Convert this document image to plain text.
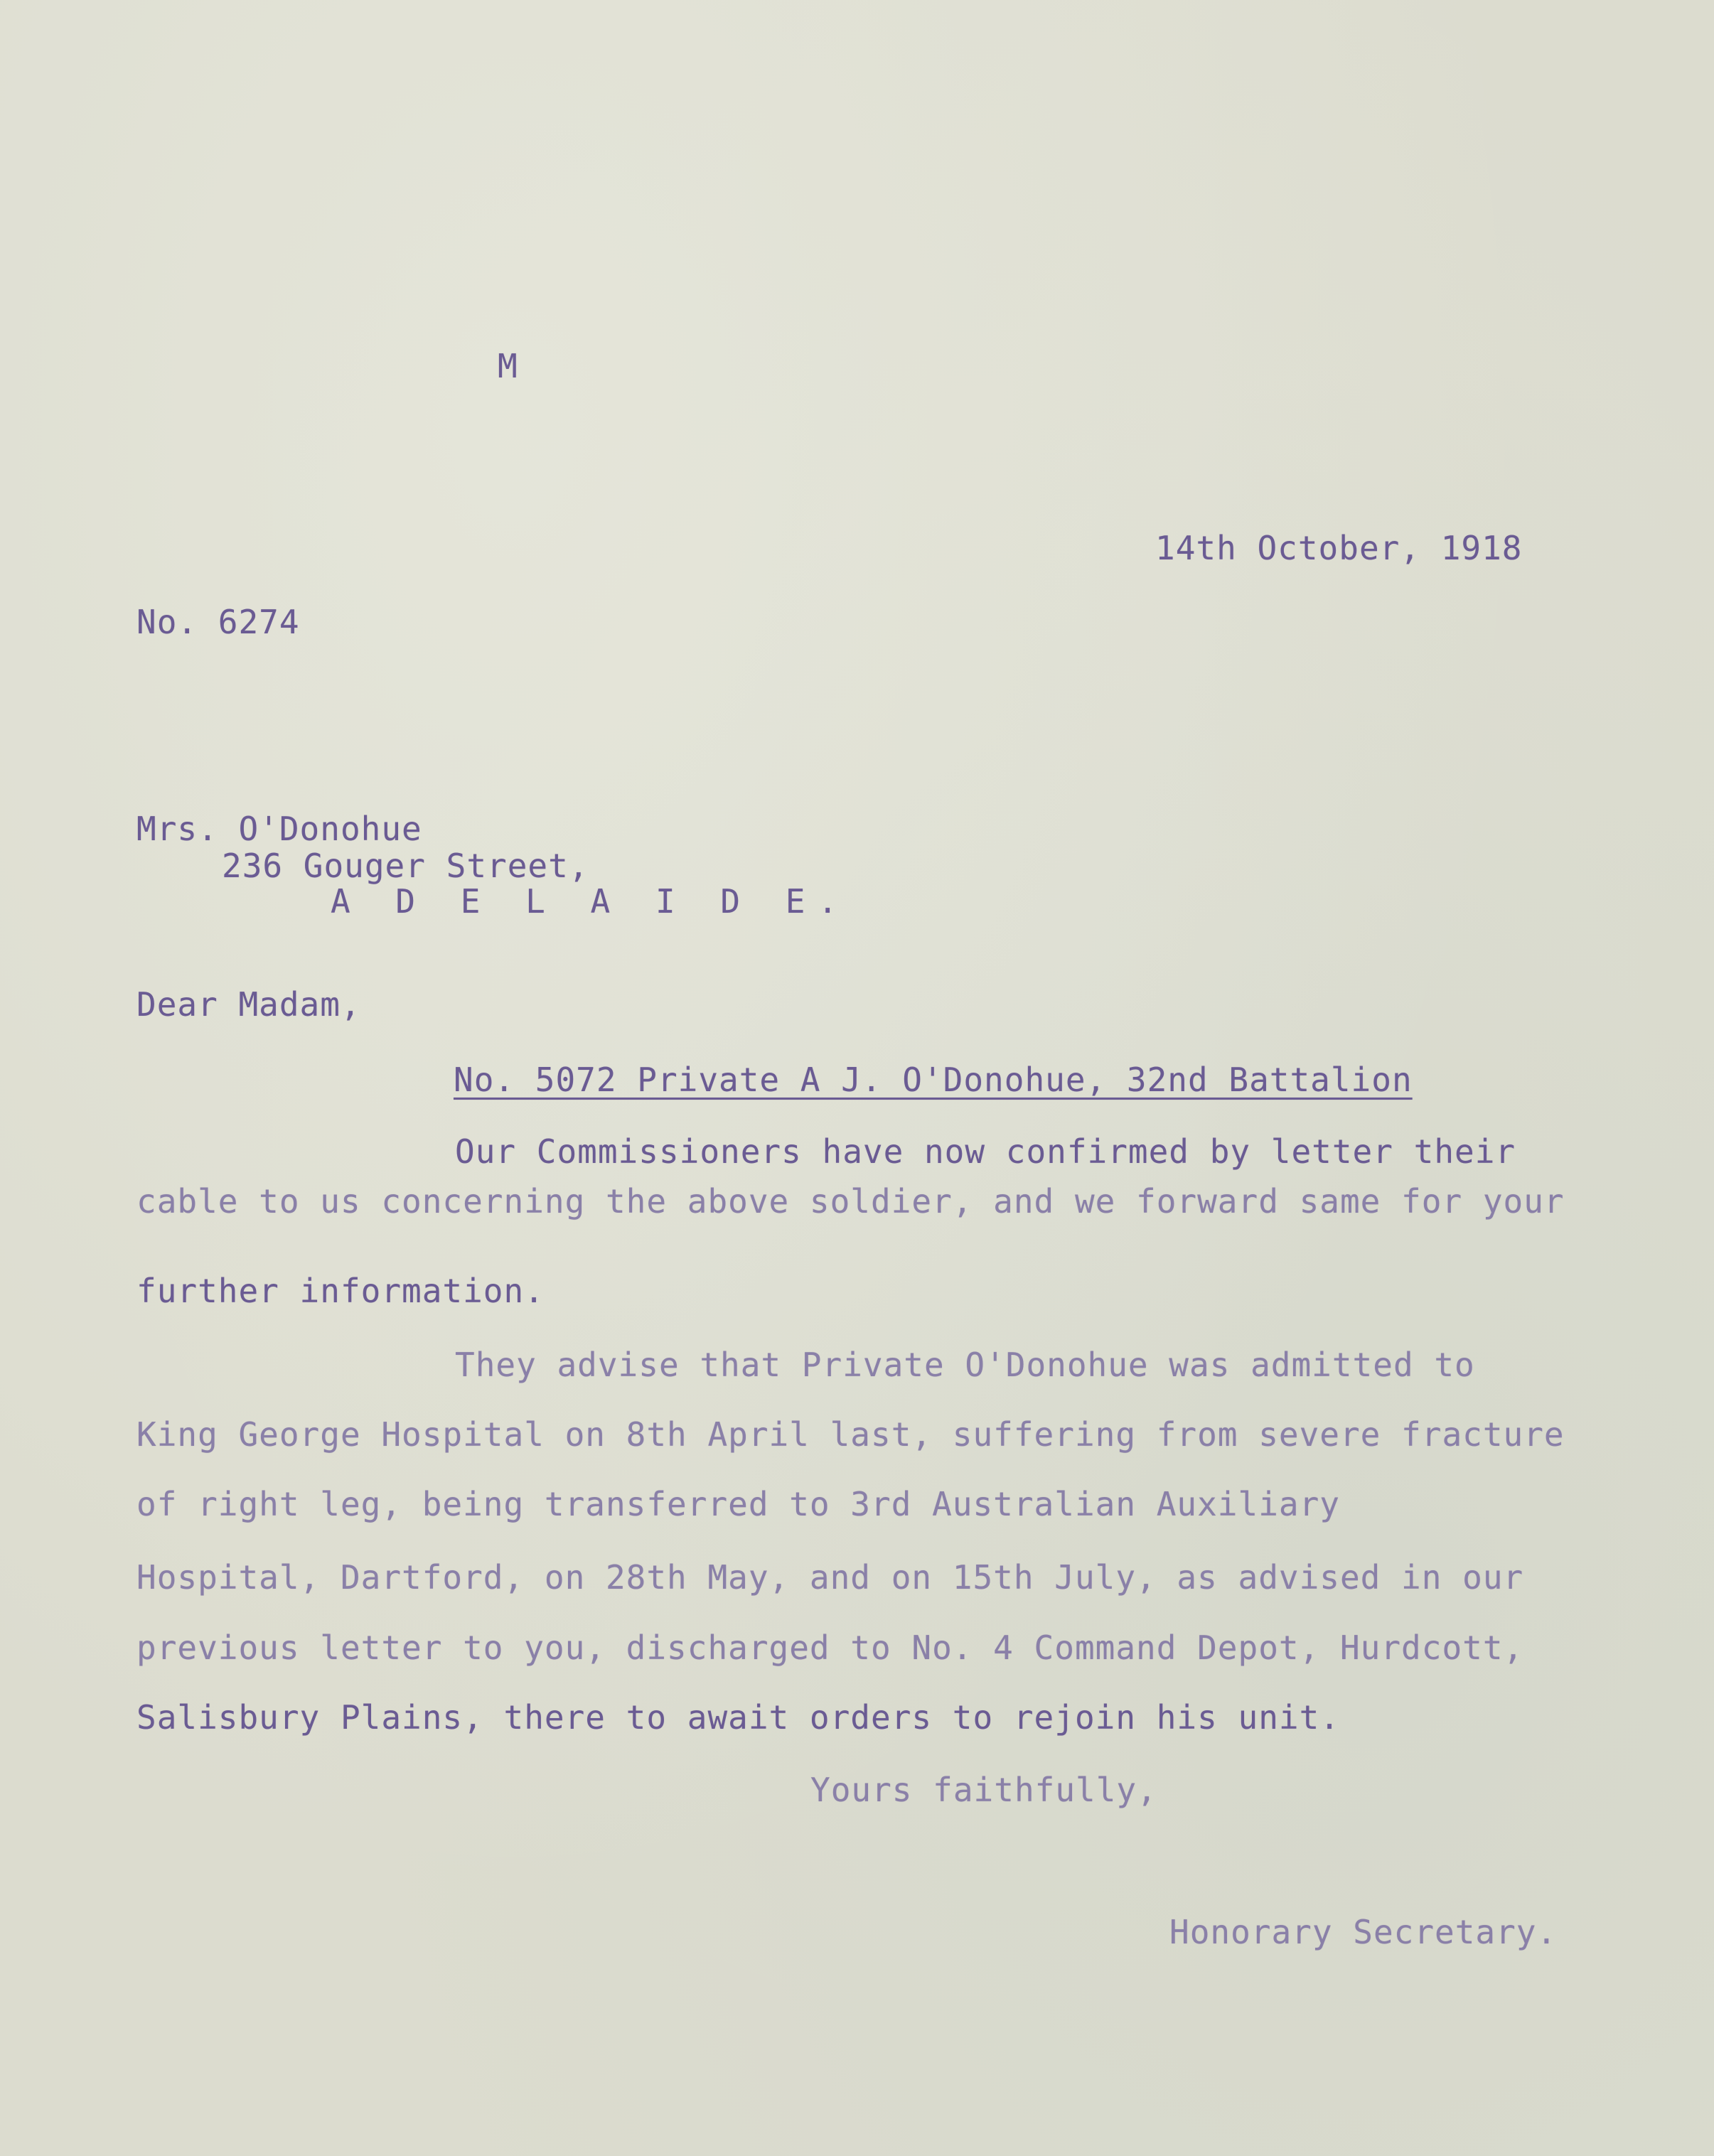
M

14th October, 1918

No. 6274

Mrs. O'Donohue

236 Gouger Street,

A D E L A I D E.

Dear Madam,

No. 5072 Private A J. O'Donohue, 32nd Battalion

Our Commissioners have now confirmed by letter their

cable to us concerning the above soldier, and we forward same for your

further information.

They advise that Private O'Donohue was admitted to

King George Hospital on 8th April last, suffering from severe fracture

of right leg, being transferred to 3rd Australian Auxiliary

Hospital, Dartford, on 28th May, and on 15th July, as advised in our

previous letter to you, discharged to No. 4 Command Depot, Hurdcott,

Salisbury Plains, there to await orders to rejoin his unit.

Yours faithfully,

Honorary Secretary.
